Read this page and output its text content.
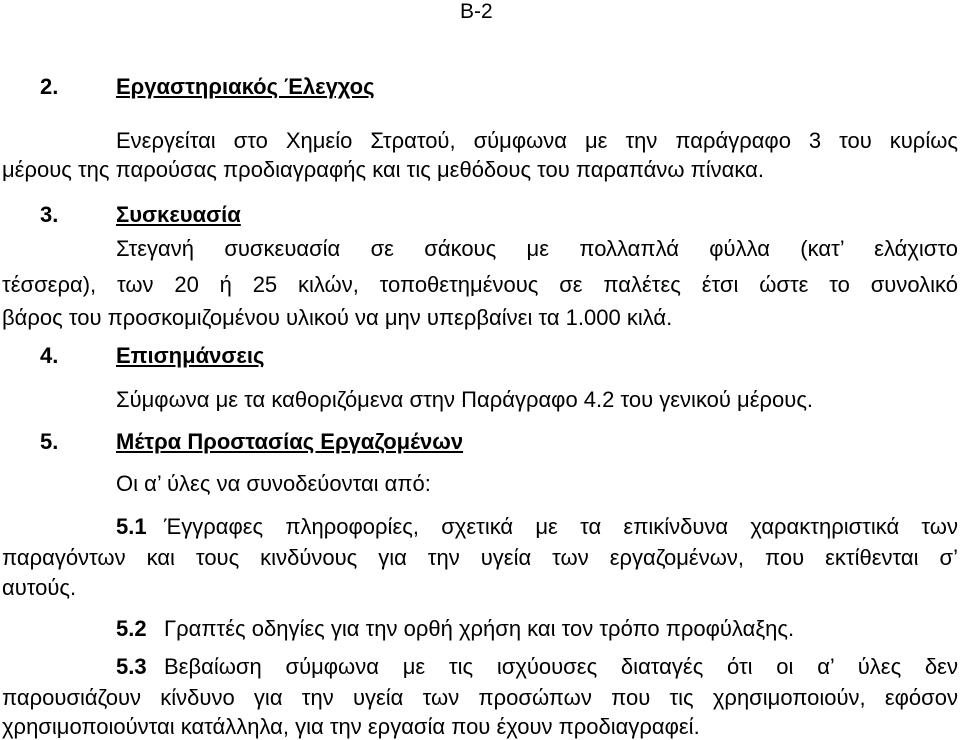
B-2
2.	Εργαστηριακός Έλεγχος
Ενεργείται στο Χημείο Στρατού, σύμφωνα με την παράγραφο 3 του κυρίως
μέρους της παρούσας προδιαγραφής και τις μεθόδους του παραπάνω πίνακα.
3.	Συσκευασία
Στεγανή συσκευασία σε σάκους με πολλαπλά φύλλα (κατ’ ελάχιστο
τέσσερα), των 20 ή 25 κιλών, τοποθετημένους σε παλέτες έτσι ώστε το συνολικό
βάρος του προσκομιζομένου υλικού να μην υπερβαίνει τα 1.000 κιλά.
4.	Επισημάνσεις
Σύμφωνα με τα καθοριζόμενα στην Παράγραφο 4.2 του γενικού μέρους.
5.	Μέτρα Προστασίας Εργαζομένων
Οι α’ ύλες να συνοδεύονται από:
5.1 Έγγραφες πληροφορίες, σχετικά με τα επικίνδυνα χαρακτηριστικά των
παραγόντων και τους κινδύνους για την υγεία των εργαζομένων, που εκτίθενται σ’
αυτούς.
5.2 Γραπτές οδηγίες για την ορθή χρήση και τον τρόπο προφύλαξης.
5.3 Βεβαίωση σύμφωνα με τις ισχύουσες διαταγές ότι οι α’ ύλες δεν
παρουσιάζουν κίνδυνο για την υγεία των προσώπων που τις χρησιμοποιούν, εφόσον
χρησιμοποιούνται κατάλληλα, για την εργασία που έχουν προδιαγραφεί.
